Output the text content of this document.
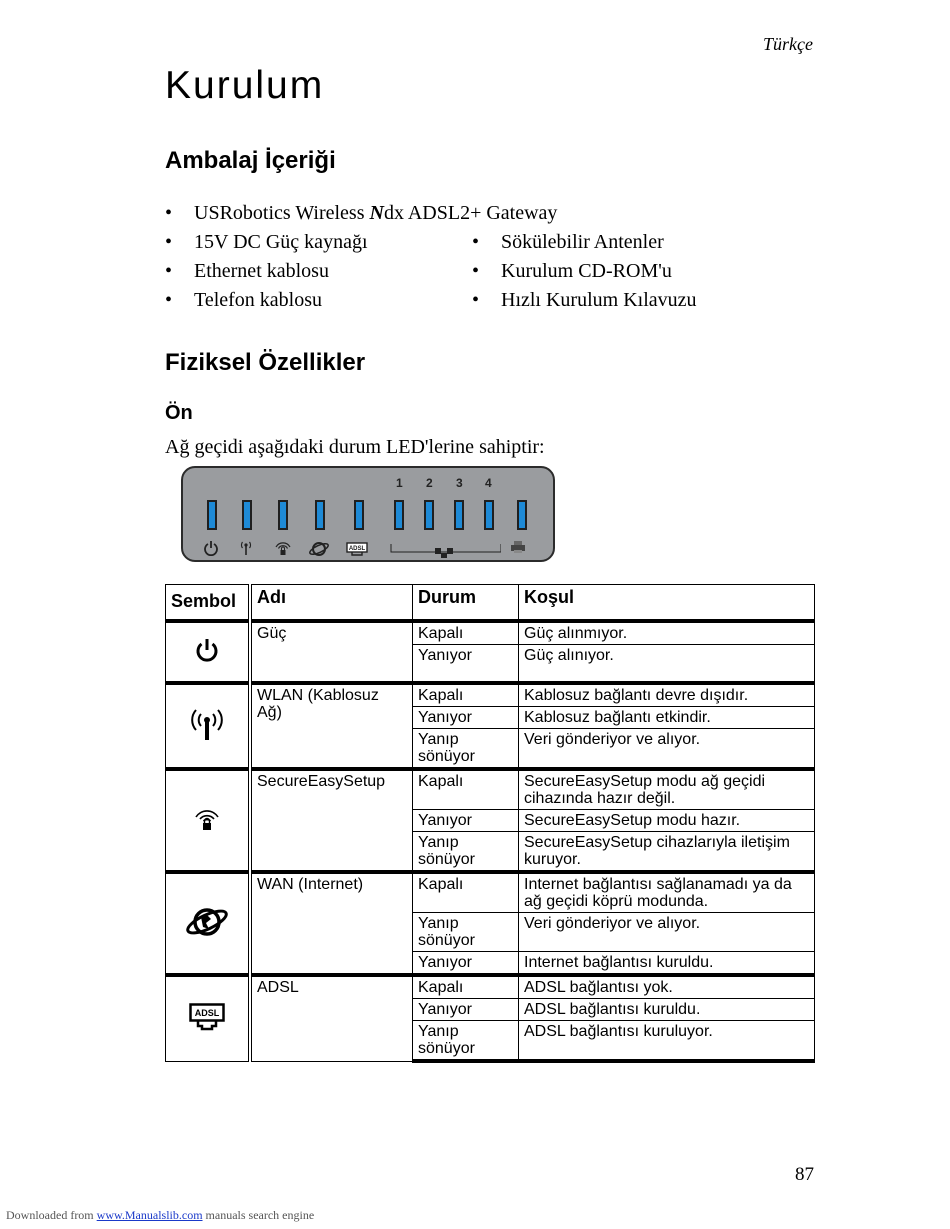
Türkçe
Kurulum
Ambalaj İçeriği
• USRobotics Wireless Ndx ADSL2+ Gateway
• 15V DC Güç kaynağı
• Ethernet kablosu
• Telefon kablosu
• Sökülebilir Antenler
• Kurulum CD-ROM'u
• Hızlı Kurulum Kılavuzu
Fiziksel Özellikler
Ön
Ağ geçidi aşağıdaki durum LED'lerine sahiptir:
1 2 3 4
ADSL
Sembol	Adı	Durum	Koşul
	Güç	Kapalı	Güç alınmıyor.
		Yanıyor	Güç alınıyor.
	WLAN (Kablosuz Ağ)	Kapalı	Kablosuz bağlantı devre dışıdır.
		Yanıyor	Kablosuz bağlantı etkindir.
		Yanıp sönüyor	Veri gönderiyor ve alıyor.
	SecureEasySetup	Kapalı	SecureEasySetup modu ağ geçidi cihazında hazır değil.
		Yanıyor	SecureEasySetup modu hazır.
		Yanıp sönüyor	SecureEasySetup cihazlarıyla iletişim kuruyor.
	WAN (Internet)	Kapalı	Internet bağlantısı sağlanamadı ya da ağ geçidi köprü modunda.
		Yanıp sönüyor	Veri gönderiyor ve alıyor.
		Yanıyor	Internet bağlantısı kuruldu.

ADSL	ADSL	Kapalı	ADSL bağlantısı yok.
		Yanıyor	ADSL bağlantısı kuruldu.
		Yanıp sönüyor	ADSL bağlantısı kuruluyor.
87
Downloaded from www.Manualslib.com manuals search engine
